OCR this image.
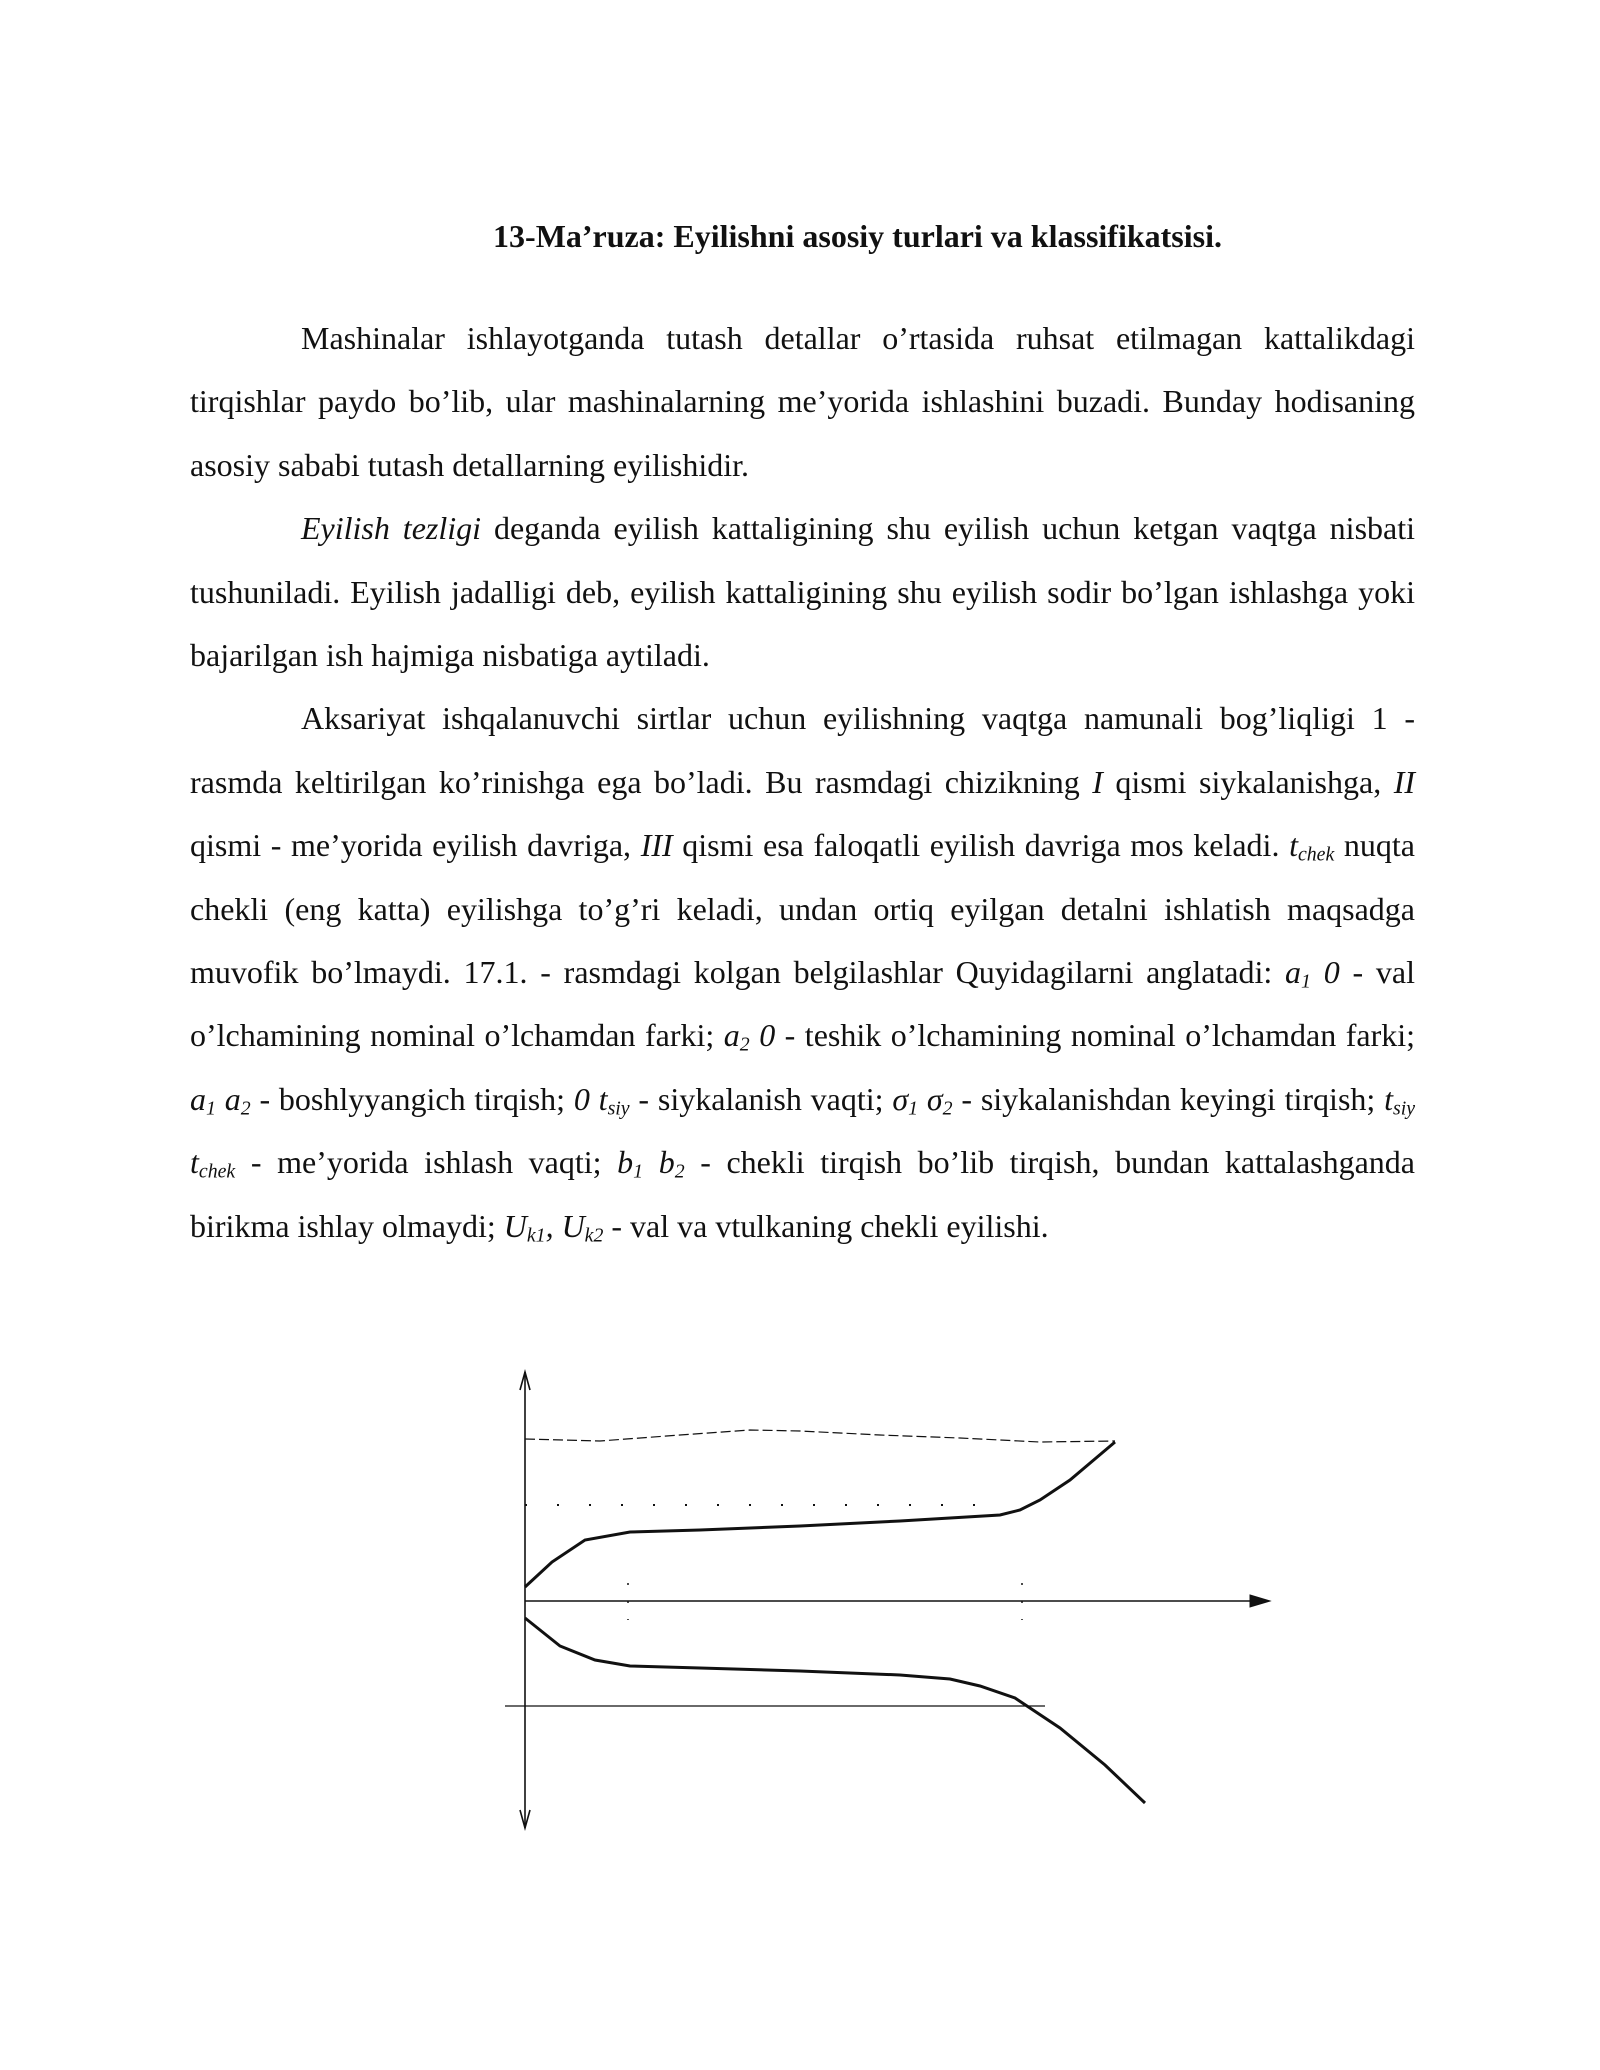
13-Ma’ruza: Eyilishni asosiy turlari va klassifikatsisi.

Mashinalar ishlayotganda tutash detallar o’rtasida ruhsat etilmagan kattalikdagi tirqishlar paydo bo’lib, ular mashinalarning me’yorida ishlashini buzadi. Bunday hodisaning asosiy sababi tutash detallarning eyilishidir.

Eyilish tezligi deganda eyilish kattaligining shu eyilish uchun ketgan vaqtga nisbati tushuniladi. Eyilish jadalligi deb, eyilish kattaligining shu eyilish sodir bo’lgan ishlashga yoki bajarilgan ish hajmiga nisbatiga aytiladi.

Aksariyat ishqalanuvchi sirtlar uchun eyilishning vaqtga namunali bog’liqligi 1 - rasmda keltirilgan ko’rinishga ega bo’ladi. Bu rasmdagi chizikning I qismi siykalanishga, II qismi - me’yorida eyilish davriga, III qismi esa faloqatli eyilish davriga mos keladi. $t_{chek}$ nuqta chekli (eng katta) eyilishga to’g’ri keladi, undan ortiq eyilgan detalni ishlatish maqsadga muvofik bo’lmaydi. 17.1. - rasmdagi kolgan belgilashlar Quyidagilarni anglatadi: $a_1$ 0 - val o’lchamining nominal o’lchamdan farki; $a_2$ 0 - teshik o’lchamining nominal o’lchamdan farki; $a_1$ $a_2$ - boshlyyangich tirqish; 0 $t_{siy}$ - siykalanish vaqti; $\sigma_1$ $\sigma_2$ - siykalanishdan keyingi tirqish; $t_{siy}$ $t_{chek}$ - me’yorida ishlash vaqti; $b_1$ $b_2$ - chekli tirqish bo’lib tirqish, bundan kattalashganda birikma ishlay olmaydi; $U_{k1}$, $U_{k2}$ - val va vtulkaning chekli eyilishi.
